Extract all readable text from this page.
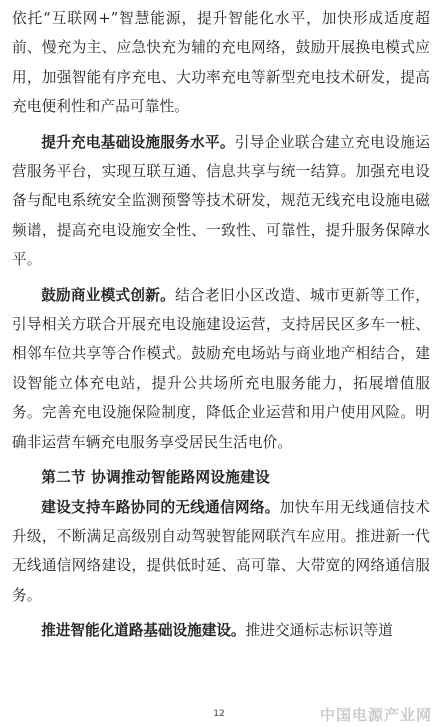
依托“互联网+”智慧能源，提升智能化水平，加快形成适度超前、慢充为主、应急快充为辅的充电网络，鼓励开展换电模式应用，加强智能有序充电、大功率充电等新型充电技术研发，提高充电便利性和产品可靠性。

提升充电基础设施服务水平。引导企业联合建立充电设施运营服务平台，实现互联互通、信息共享与统一结算。加强充电设备与配电系统安全监测预警等技术研发，规范无线充电设施电磁频谱，提高充电设施安全性、一致性、可靠性，提升服务保障水平。

鼓励商业模式创新。结合老旧小区改造、城市更新等工作，引导相关方联合开展充电设施建设运营，支持居民区多车一桩、相邻车位共享等合作模式。鼓励充电场站与商业地产相结合，建设智能立体充电站，提升公共场所充电服务能力，拓展增值服务。完善充电设施保险制度，降低企业运营和用户使用风险。明确非运营车辆充电服务享受居民生活电价。

第二节 协调推动智能路网设施建设

建设支持车路协同的无线通信网络。加快车用无线通信技术升级，不断满足高级别自动驾驶智能网联汽车应用。推进新一代无线通信网络建设，提供低时延、高可靠、大带宽的网络通信服务。

推进智能化道路基础设施建设。推进交通标志标识等道

12	中国电源产业网
